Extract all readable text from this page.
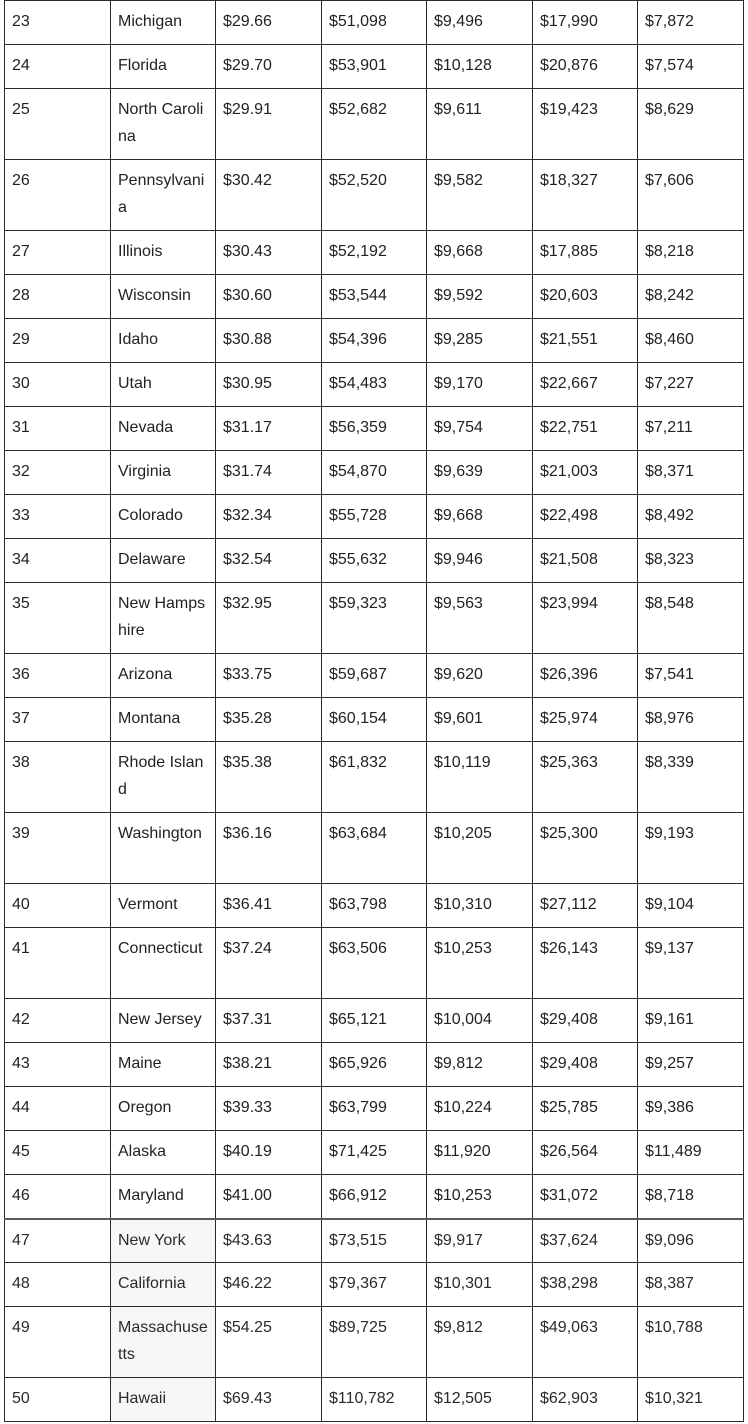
23	Michigan	$29.66	$51,098	$9,496	$17,990	$7,872
24	Florida	$29.70	$53,901	$10,128	$20,876	$7,574
25	North Carolina	$29.91	$52,682	$9,611	$19,423	$8,629
26	Pennsylvania	$30.42	$52,520	$9,582	$18,327	$7,606
27	Illinois	$30.43	$52,192	$9,668	$17,885	$8,218
28	Wisconsin	$30.60	$53,544	$9,592	$20,603	$8,242
29	Idaho	$30.88	$54,396	$9,285	$21,551	$8,460
30	Utah	$30.95	$54,483	$9,170	$22,667	$7,227
31	Nevada	$31.17	$56,359	$9,754	$22,751	$7,211
32	Virginia	$31.74	$54,870	$9,639	$21,003	$8,371
33	Colorado	$32.34	$55,728	$9,668	$22,498	$8,492
34	Delaware	$32.54	$55,632	$9,946	$21,508	$8,323
35	New Hampshire	$32.95	$59,323	$9,563	$23,994	$8,548
36	Arizona	$33.75	$59,687	$9,620	$26,396	$7,541
37	Montana	$35.28	$60,154	$9,601	$25,974	$8,976
38	Rhode Island	$35.38	$61,832	$10,119	$25,363	$8,339
39	Washington	$36.16	$63,684	$10,205	$25,300	$9,193
40	Vermont	$36.41	$63,798	$10,310	$27,112	$9,104
41	Connecticut	$37.24	$63,506	$10,253	$26,143	$9,137
42	New Jersey	$37.31	$65,121	$10,004	$29,408	$9,161
43	Maine	$38.21	$65,926	$9,812	$29,408	$9,257
44	Oregon	$39.33	$63,799	$10,224	$25,785	$9,386
45	Alaska	$40.19	$71,425	$11,920	$26,564	$11,489
46	Maryland	$41.00	$66,912	$10,253	$31,072	$8,718
47	New York	$43.63	$73,515	$9,917	$37,624	$9,096
48	California	$46.22	$79,367	$10,301	$38,298	$8,387
49	Massachusetts	$54.25	$89,725	$9,812	$49,063	$10,788
50	Hawaii	$69.43	$110,782	$12,505	$62,903	$10,321
